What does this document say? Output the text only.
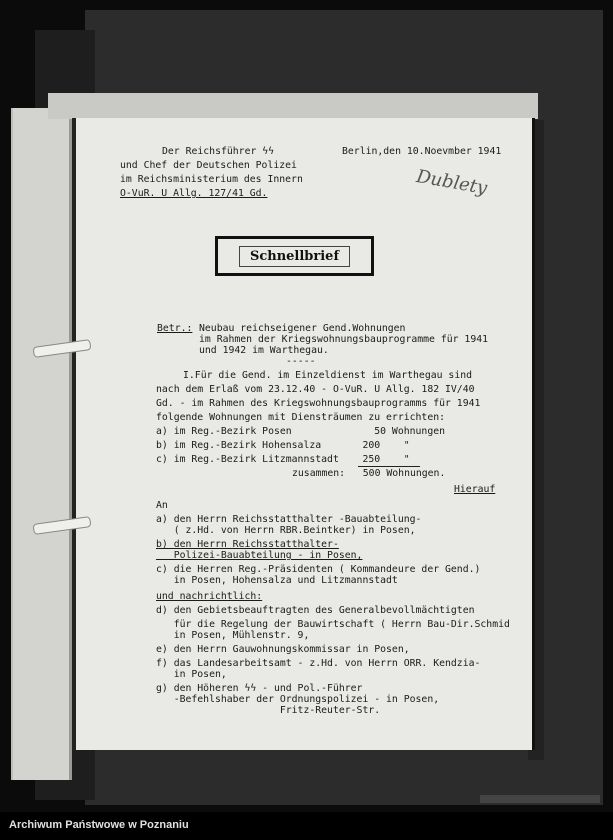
Der Reichsführer ϟϟ
und Chef der Deutschen Polizei
im Reichsministerium des Innern
O-VuR. U Allg. 127/41 Gd.
Berlin,den 10.Noevmber 1941
Dublety
Schnellbrief
Betr.: Neubau reichseigener Gend.Wohnungen
im Rahmen der Kriegswohnungsbauprogramme für 1941
und 1942 im Warthegau.
-----
I.Für die Gend. im Einzeldienst im Warthegau sind
nach dem Erlaß vom 23.12.40 - O-VuR. U Allg. 182 IV/40
Gd. - im Rahmen des Kriegswohnungsbauprogramms für 1941
folgende Wohnungen mit Diensträumen zu errichten:
a) im Reg.-Bezirk Posen              50 Wohnungen
b) im Reg.-Bezirk Hohensalza       200    "
c) im Reg.-Bezirk Litzmannstadt    250    "
zusammen:   500 Wohnungen.
Hierauf
An
a) den Herrn Reichsstatthalter -Bauabteilung-
( z.Hd. von Herrn RBR.Beintker) in Posen,
b) den Herrn Reichsstatthalter-
Polizei-Bauabteilung - in Posen,
c) die Herren Reg.-Präsidenten ( Kommandeure der Gend.)
in Posen, Hohensalza und Litzmannstadt
und nachrichtlich:
d) den Gebietsbeauftragten des Generalbevollmächtigten
für die Regelung der Bauwirtschaft ( Herrn Bau-Dir.Schmid
in Posen, Mühlenstr. 9,
e) den Herrn Gauwohnungskommissar in Posen,
f) das Landesarbeitsamt - z.Hd. von Herrn ORR. Kendzia-
in Posen,
g) den Höheren ϟϟ - und Pol.-Führer
-Befehlshaber der Ordnungspolizei - in Posen,
Fritz-Reuter-Str.
Archiwum Państwowe w Poznaniu
